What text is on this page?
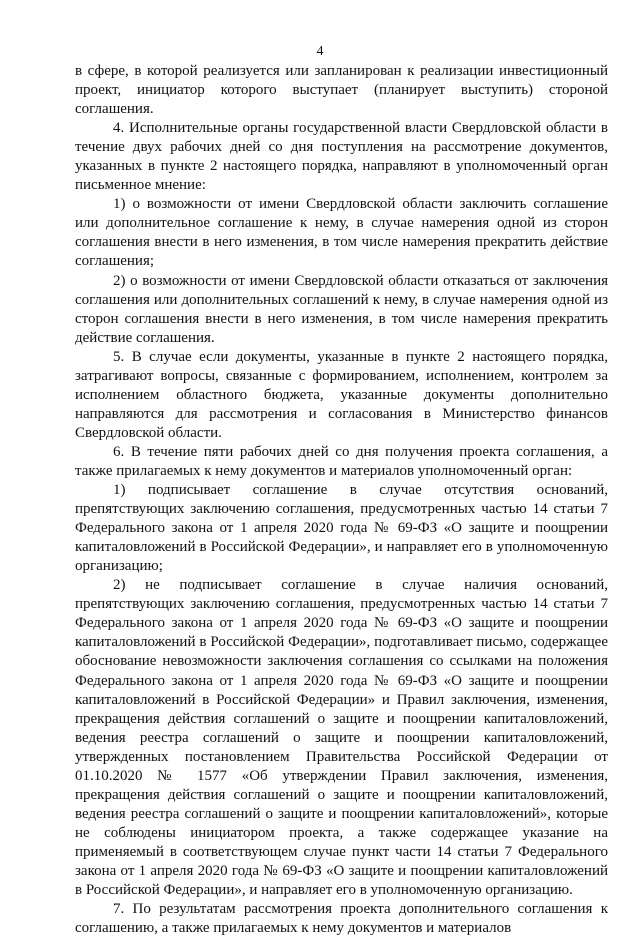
4

в сфере, в которой реализуется или запланирован к реализации инвестиционный проект, инициатор которого выступает (планирует выступить) стороной соглашения.

4. Исполнительные органы государственной власти Свердловской области в течение двух рабочих дней со дня поступления на рассмотрение документов, указанных в пункте 2 настоящего порядка, направляют в уполномоченный орган письменное мнение:

1) о возможности от имени Свердловской области заключить соглашение или дополнительное соглашение к нему, в случае намерения одной из сторон соглашения внести в него изменения, в том числе намерения прекратить действие соглашения;

2) о возможности от имени Свердловской области отказаться от заключения соглашения или дополнительных соглашений к нему, в случае намерения одной из сторон соглашения внести в него изменения, в том числе намерения прекратить действие соглашения.

5. В случае если документы, указанные в пункте 2 настоящего порядка, затрагивают вопросы, связанные с формированием, исполнением, контролем за исполнением областного бюджета, указанные документы дополнительно направляются для рассмотрения и согласования в Министерство финансов Свердловской области.

6. В течение пяти рабочих дней со дня получения проекта соглашения, а также прилагаемых к нему документов и материалов уполномоченный орган:

1) подписывает соглашение в случае отсутствия оснований, препятствующих заключению соглашения, предусмотренных частью 14 статьи 7 Федерального закона от 1 апреля 2020 года № 69-ФЗ «О защите и поощрении капиталовложений в Российской Федерации», и направляет его в уполномоченную организацию;

2) не подписывает соглашение в случае наличия оснований, препятствующих заключению соглашения, предусмотренных частью 14 статьи 7 Федерального закона от 1 апреля 2020 года № 69-ФЗ «О защите и поощрении капиталовложений в Российской Федерации», подготавливает письмо, содержащее обоснование невозможности заключения соглашения со ссылками на положения Федерального закона от 1 апреля 2020 года № 69-ФЗ «О защите и поощрении капиталовложений в Российской Федерации» и Правил заключения, изменения, прекращения действия соглашений о защите и поощрении капиталовложений, ведения реестра соглашений о защите и поощрении капиталовложений, утвержденных постановлением Правительства Российской Федерации от 01.10.2020 № 1577 «Об утверждении Правил заключения, изменения, прекращения действия соглашений о защите и поощрении капиталовложений, ведения реестра соглашений о защите и поощрении капиталовложений», которые не соблюдены инициатором проекта, а также содержащее указание на применяемый в соответствующем случае пункт части 14 статьи 7 Федерального закона от 1 апреля 2020 года № 69-ФЗ «О защите и поощрении капиталовложений в Российской Федерации», и направляет его в уполномоченную организацию.

7. По результатам рассмотрения проекта дополнительного соглашения к соглашению, а также прилагаемых к нему документов и материалов
